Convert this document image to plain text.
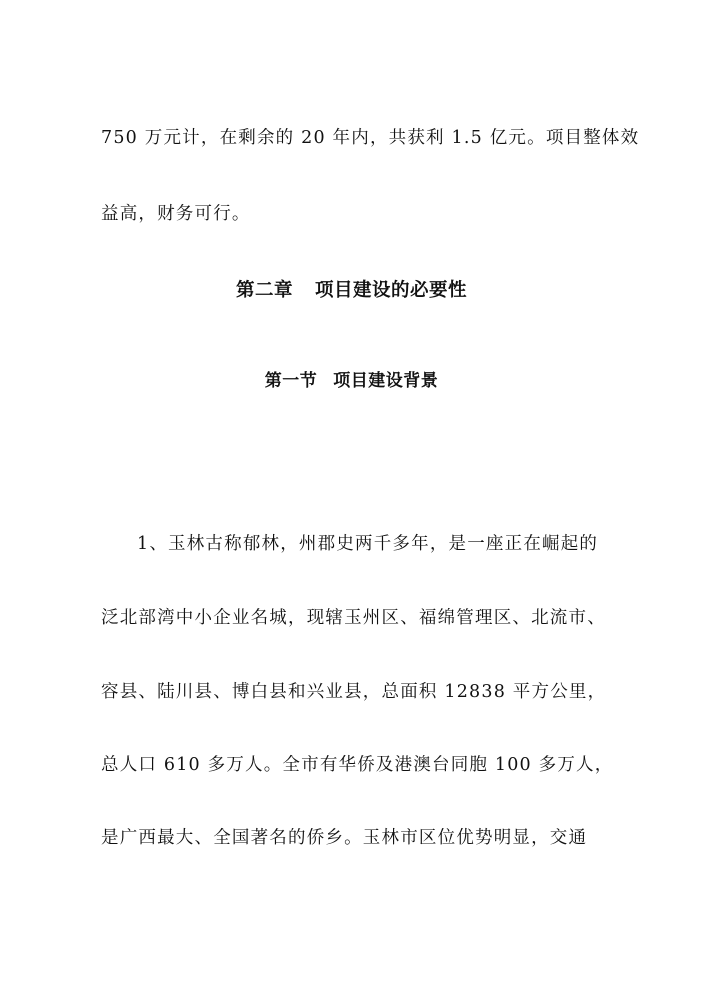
750 万元计，在剩余的 20 年内，共获利 1.5 亿元。项目整体效
益高，财务可行。
第二章 项目建设的必要性
第一节 项目建设背景
1、玉林古称郁林，州郡史两千多年，是一座正在崛起的
泛北部湾中小企业名城，现辖玉州区、福绵管理区、北流市、
容县、陆川县、博白县和兴业县，总面积 12838 平方公里，
总人口 610 多万人。全市有华侨及港澳台同胞 100 多万人，
是广西最大、全国著名的侨乡。玉林市区位优势明显，交通
